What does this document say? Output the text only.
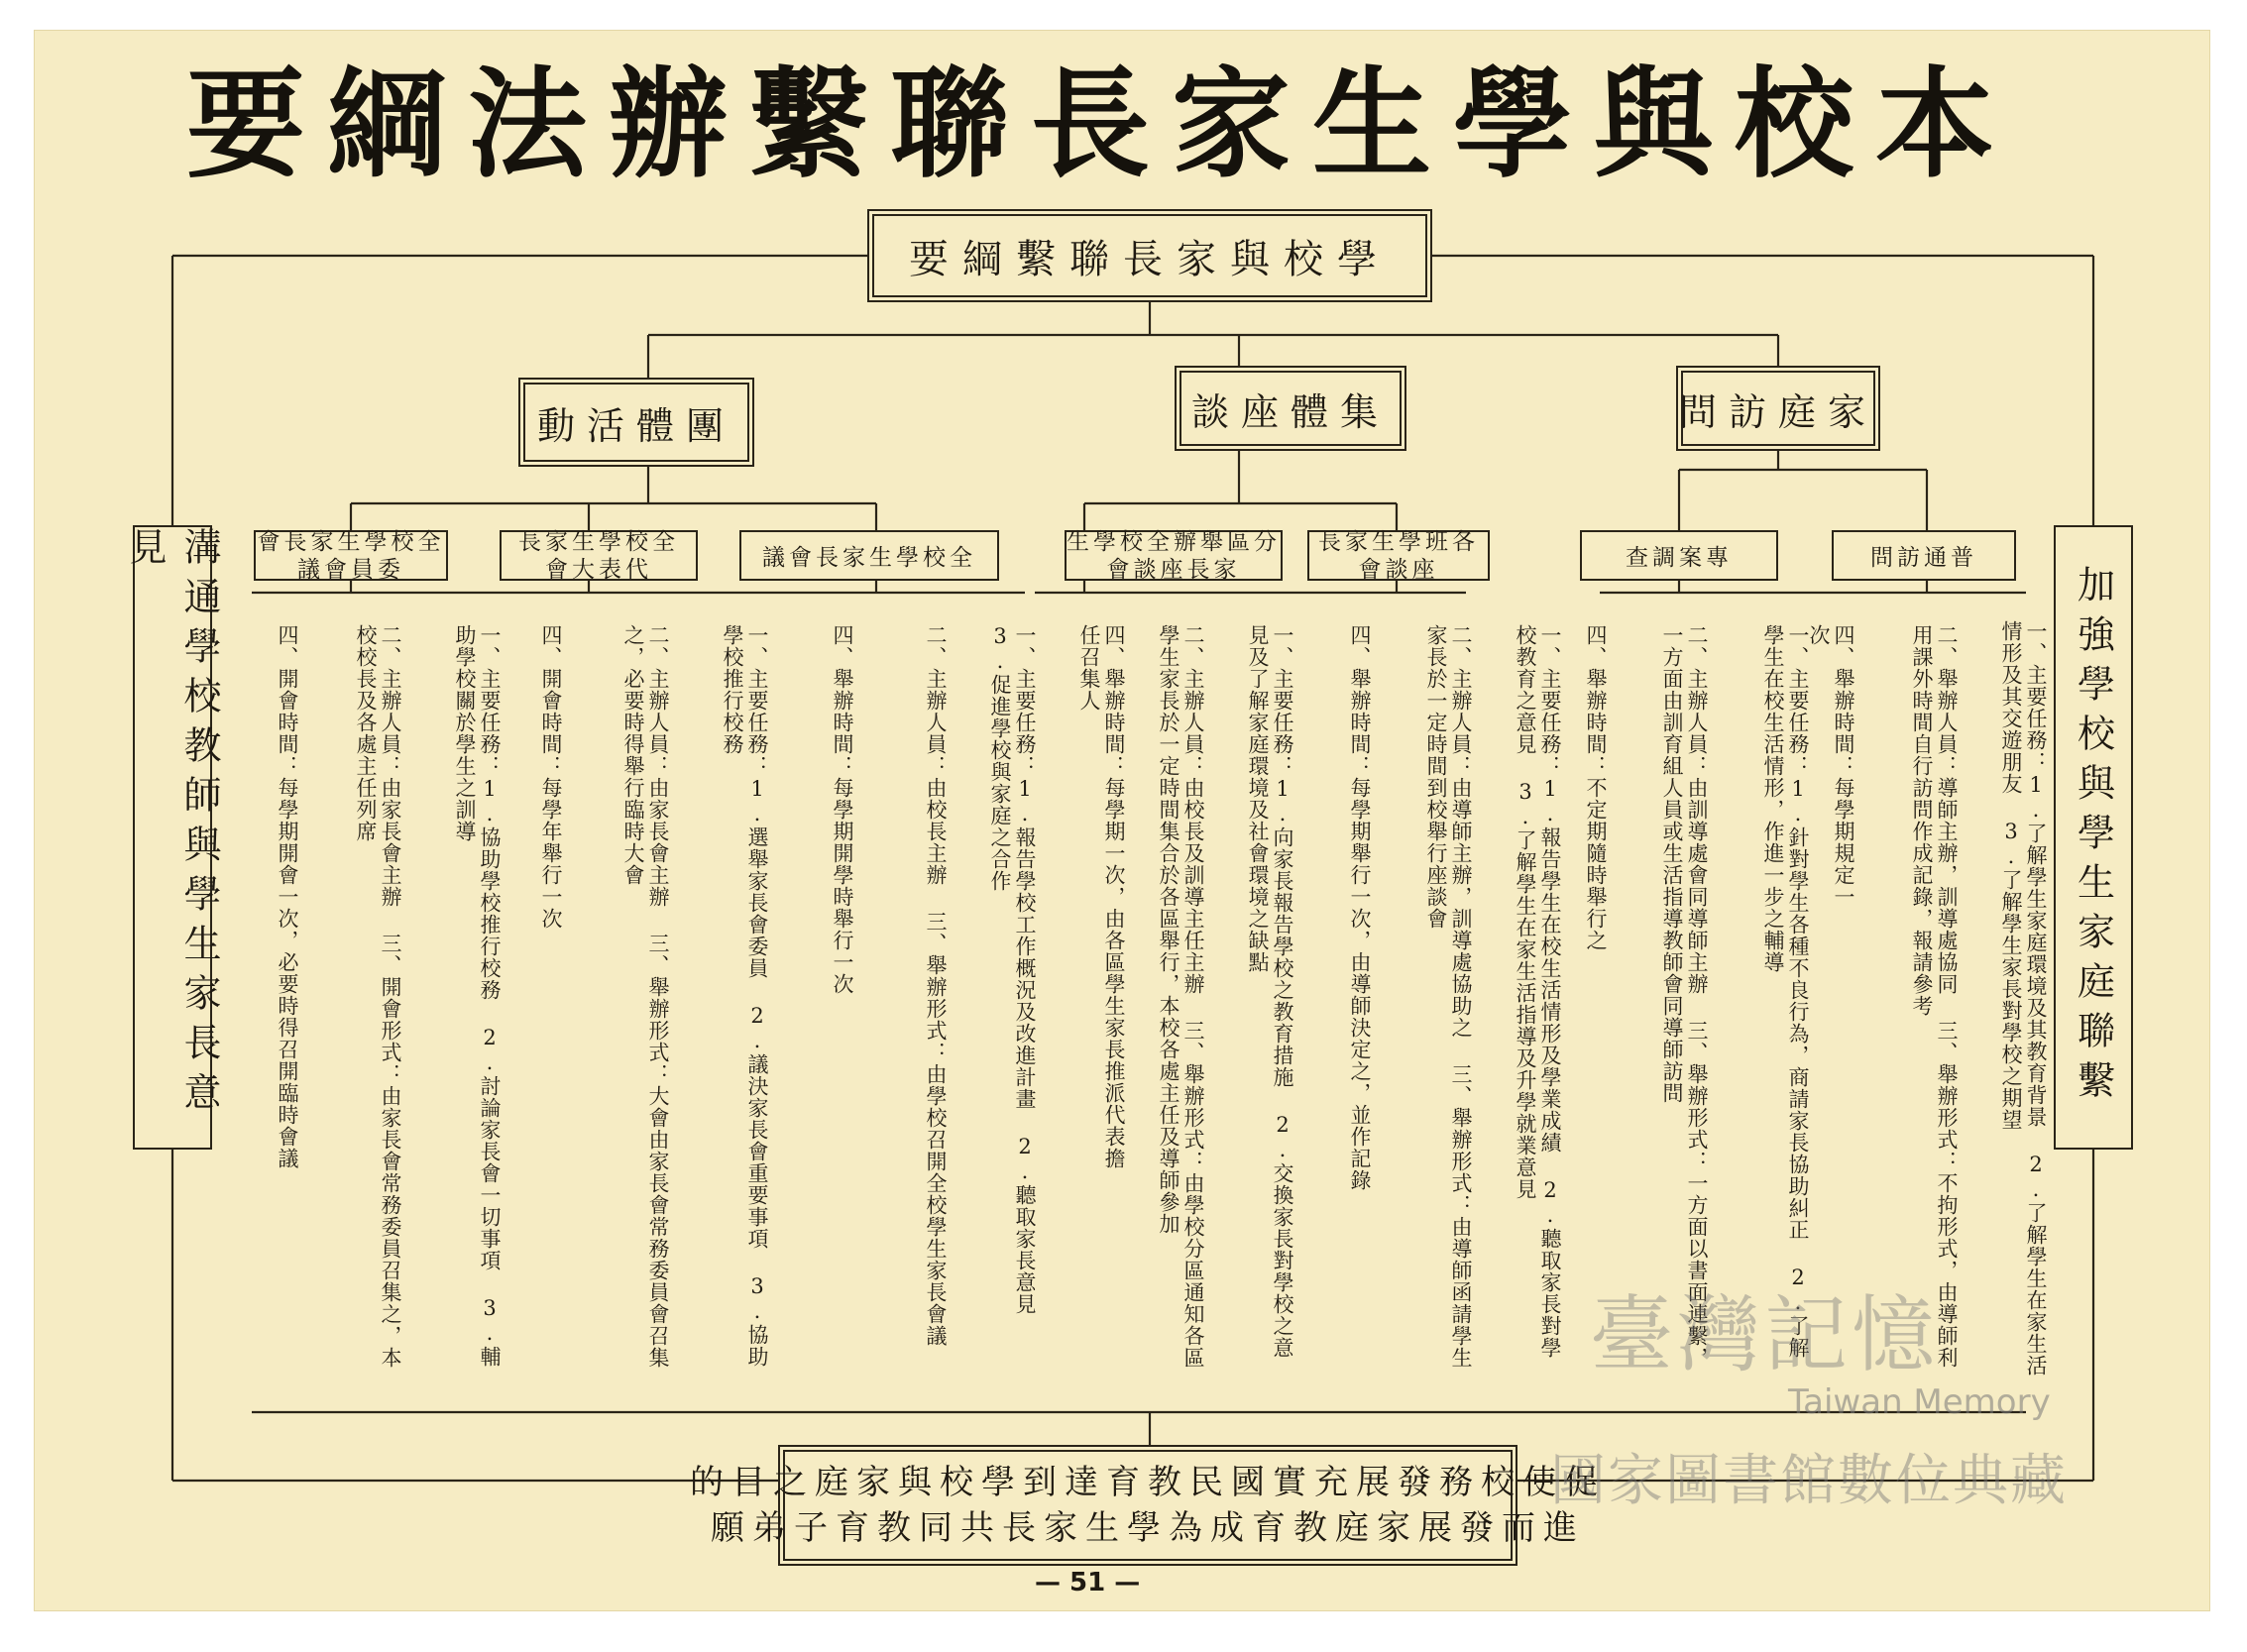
本校與學生家長聯繫辦法綱要
學校與家長聯繫綱要
溝通學校教師與學生家長意見
加強學校與學生家庭聯繫
家庭訪問
集體座談
團體活動
普通訪問
專案調查
各班學生家長
座談會
分區舉辦全校學生
家長座談會
全校學生家長會議
全校學生家長
代表大會
全校學生家長會
委員會議
一、主要任務：1.了解學生家庭環境及其教育背景 2.了解學生在家生活情形及其交遊朋友 3.了解學生家長對學校之期望
二、舉辦人員：導師主辦，訓導處協同 三、舉辦形式：不拘形式，由導師利用課外時間自行訪問作成記錄，報請參考
四、舉辦時間：每學期規定一次
一、主要任務：1.針對學生各種不良行為，商請家長協助糾正 2.了解學生在校生活情形，作進一步之輔導
二、主辦人員：由訓導處會同導師主辦 三、舉辦形式：一方面以書面連繫，一方面由訓育組人員或生活指導教師會同導師訪問
四、舉辦時間：不定期隨時舉行之
一、主要任務：1.報告學生在校生活情形及學業成績 2.聽取家長對學校教育之意見 3.了解學生在家生活指導及升學就業意見
二、主辦人員：由導師主辦，訓導處協助之 三、舉辦形式：由導師函請學生家長於一定時間到校舉行座談會
四、舉辦時間：每學期舉行一次，由導師決定之，並作記錄
一、主要任務：1.向家長報告學校之教育措施 2.交換家長對學校之意見及了解家庭環境及社會環境之缺點
二、主辦人員：由校長及訓導主任主辦 三、舉辦形式：由學校分區通知各區學生家長於一定時間集合於各區舉行，本校各處主任及導師參加
四、舉辦時間：每學期一次，由各區學生家長推派代表擔任召集人
一、主要任務：1.報告學校工作概況及改進計畫 2.聽取家長意見 3.促進學校與家庭之合作
二、主辦人員：由校長主辦 三、舉辦形式：由學校召開全校學生家長會議
四、舉辦時間：每學期開學時舉行一次
一、主要任務：1.選舉家長會委員 2.議決家長會重要事項 3.協助學校推行校務
二、主辦人員：由家長會主辦 三、舉辦形式：大會由家長會常務委員會召集之，必要時得舉行臨時大會
四、開會時間：每學年舉行一次
一、主要任務：1.協助學校推行校務 2.討論家長會一切事項 3.輔助學校關於學生之訓導
二、主辦人員：由家長會主辦 三、開會形式：由家長會常務委員召集之，本校校長及各處主任列席
四、開會時間：每學期開會一次，必要時得召開臨時會議
促使校務發展充實國民教育達到學校與家庭之目的
進而發展家庭教育成為學生家長共同教育子弟願
— 51 —
臺灣記憶
Taiwan Memory
國家圖書館數位典藏
